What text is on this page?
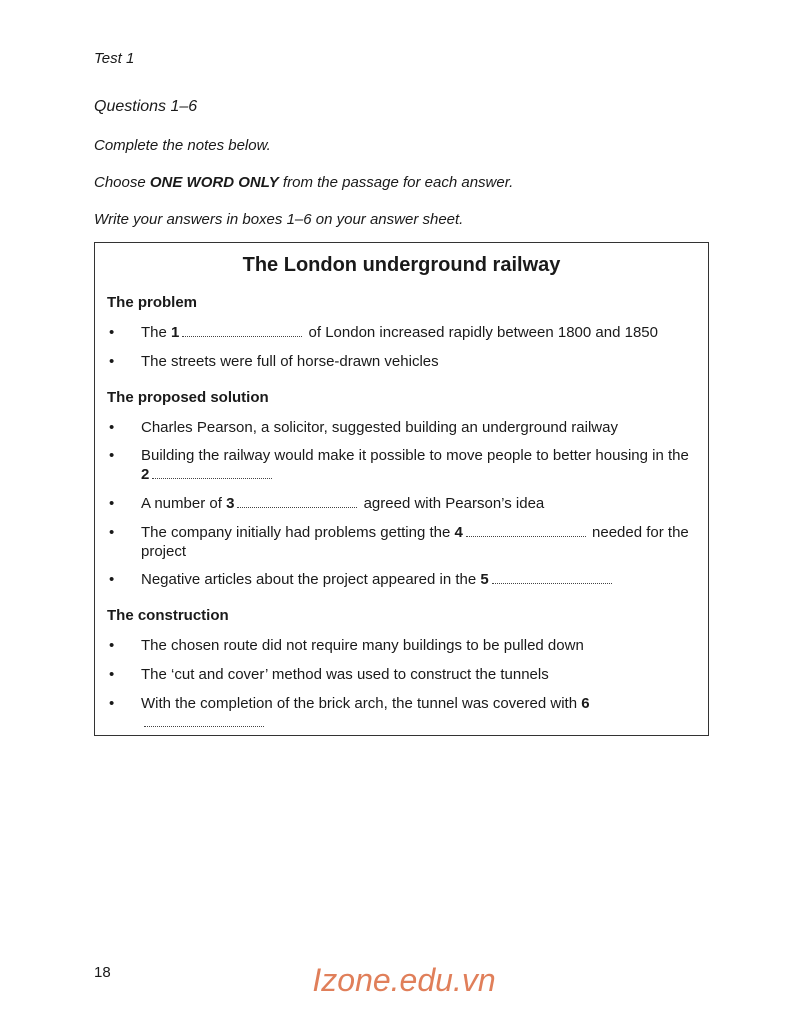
Test 1

Questions 1–6

Complete the notes below.

Choose ONE WORD ONLY from the passage for each answer.

Write your answers in boxes 1–6 on your answer sheet.

The London underground railway

The problem

• The 1	of London increased rapidly between 1800 and 1850
• The streets were full of horse-drawn vehicles

The proposed solution

• Charles Pearson, a solicitor, suggested building an underground railway
• Building the railway would make it possible to move people to better housing in the 2
• A number of 3	agreed with Pearson’s idea
• The company initially had problems getting the 4	needed for the project
• Negative articles about the project appeared in the 5

The construction

• The chosen route did not require many buildings to be pulled down
• The ‘cut and cover’ method was used to construct the tunnels
• With the completion of the brick arch, the tunnel was covered with 6

18	Izone.edu.vn
